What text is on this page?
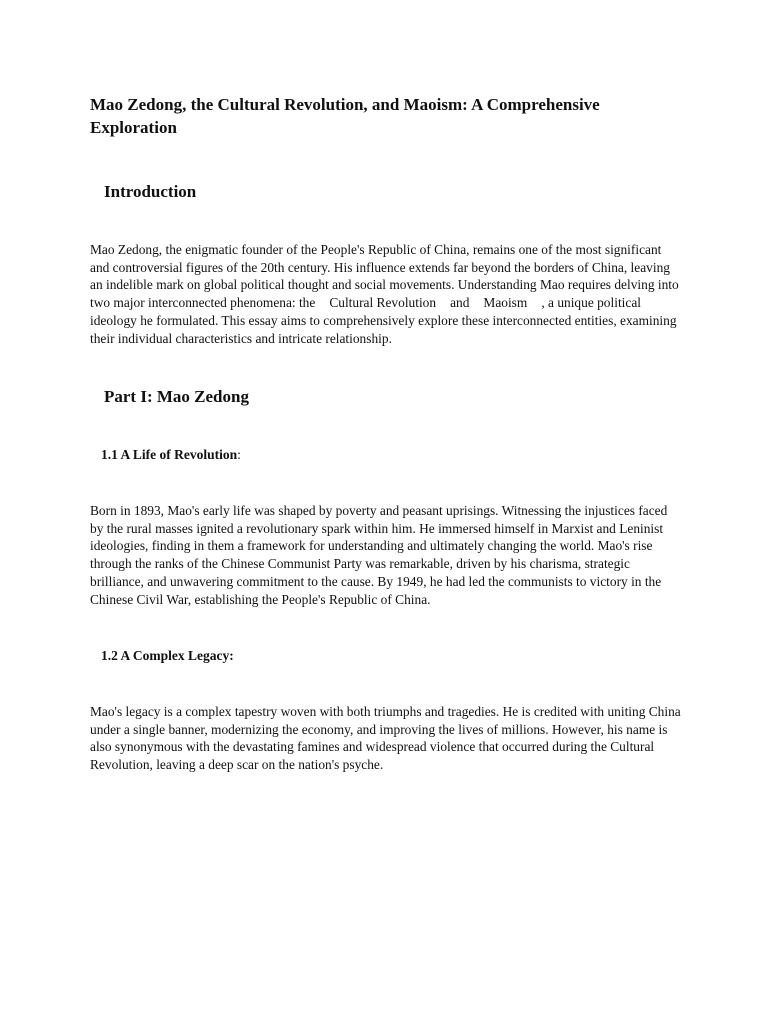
Mao Zedong, the Cultural Revolution, and Maoism: A Comprehensive Exploration
Introduction

Mao Zedong, the enigmatic founder of the People's Republic of China, remains one of the most significant and controversial figures of the 20th century. His influence extends far beyond the borders of China, leaving an indelible mark on global political thought and social movements. Understanding Mao requires delving into two major interconnected phenomena: the Cultural Revolution and Maoism , a unique political ideology he formulated. This essay aims to comprehensively explore these interconnected entities, examining their individual characteristics and intricate relationship.

Part I: Mao Zedong
1.1 A Life of Revolution:

Born in 1893, Mao's early life was shaped by poverty and peasant uprisings. Witnessing the injustices faced by the rural masses ignited a revolutionary spark within him. He immersed himself in Marxist and Leninist ideologies, finding in them a framework for understanding and ultimately changing the world. Mao's rise through the ranks of the Chinese Communist Party was remarkable, driven by his charisma, strategic brilliance, and unwavering commitment to the cause. By 1949, he had led the communists to victory in the Chinese Civil War, establishing the People's Republic of China.

1.2 A Complex Legacy:

Mao's legacy is a complex tapestry woven with both triumphs and tragedies. He is credited with uniting China under a single banner, modernizing the economy, and improving the lives of millions. However, his name is also synonymous with the devastating famines and widespread violence that occurred during the Cultural Revolution, leaving a deep scar on the nation's psyche.
